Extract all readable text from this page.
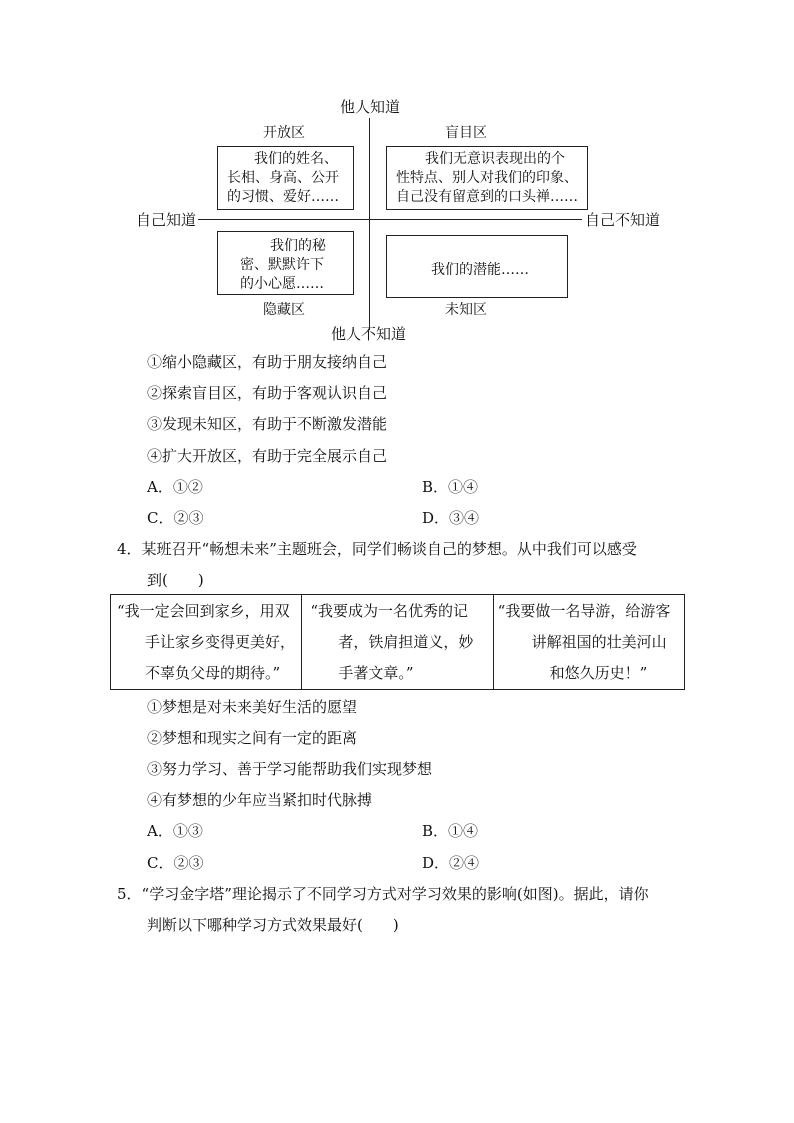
他人知道
他人不知道
自己知道	自己不知道
开放区	盲目区
隐藏区	未知区
我们的姓名、
长相、身高、公开
的习惯、爱好……
我们无意识表现出的个
性特点、别人对我们的印象、
自己没有留意到的口头禅……
我们的秘
密、默默许下
的小心愿……
我们的潜能……
①缩小隐藏区，有助于朋友接纳自己
②探索盲目区，有助于客观认识自己
③发现未知区，有助于不断激发潜能
④扩大开放区，有助于完全展示自己
A．①②	B．①④
C．②③	D．③④
4．某班召开“畅想未来”主题班会，同学们畅谈自己的梦想。从中我们可以感受
到(　　)
“我一定会回到家乡，用双
手让家乡变得更美好，
不辜负父母的期待。”

“我要成为一名优秀的记
者，铁肩担道义，妙
手著文章。”

“我要做一名导游，给游客
讲解祖国的壮美河山
和悠久历史！”
①梦想是对未来美好生活的愿望
②梦想和现实之间有一定的距离
③努力学习、善于学习能帮助我们实现梦想
④有梦想的少年应当紧扣时代脉搏
A．①③	B．①④
C．②③	D．②④
5．“学习金字塔”理论揭示了不同学习方式对学习效果的影响(如图)。据此，请你
判断以下哪种学习方式效果最好(　　)
